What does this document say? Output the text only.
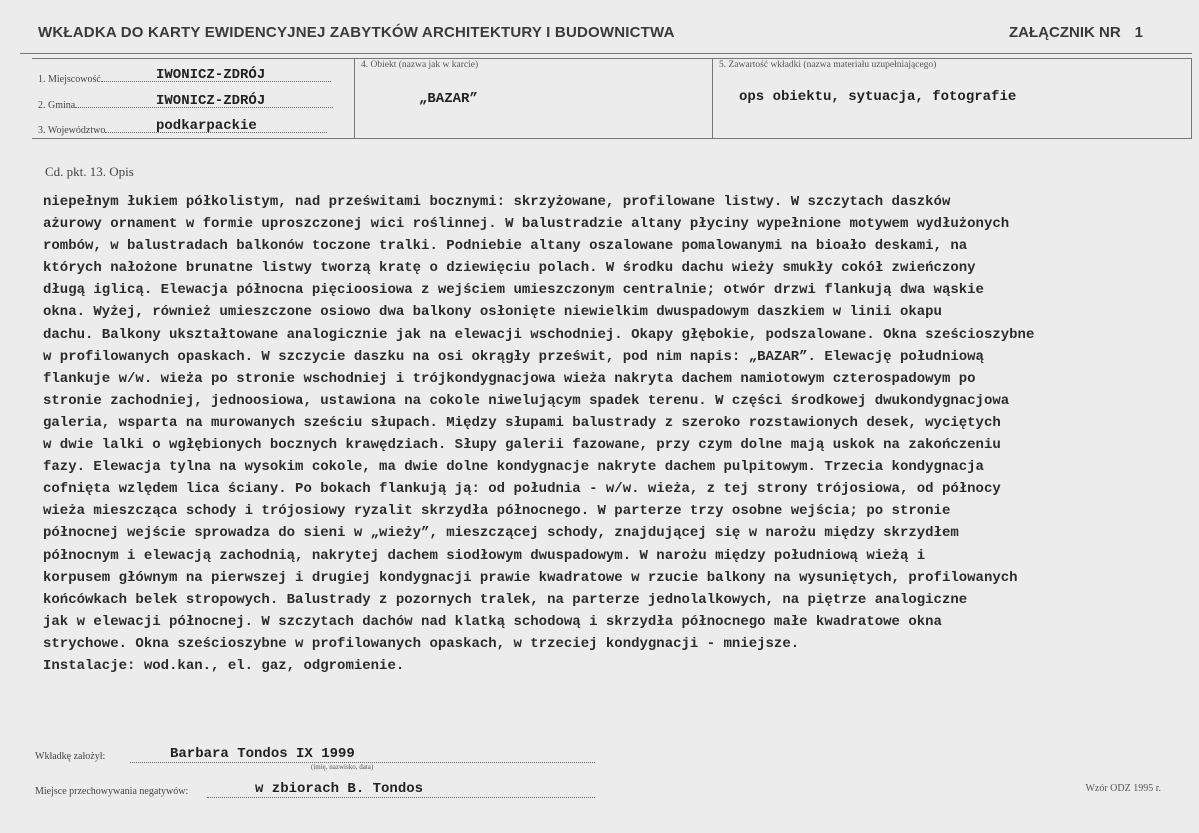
WKŁADKA DO KARTY EWIDENCYJNEJ ZABYTKÓW ARCHITEKTURY I BUDOWNICTWA	ZAŁĄCZNIK NR 1
1. Miejscowość	IWONICZ-ZDRÓJ
2. Gmina	IWONICZ-ZDRÓJ
3. Województwo	podkarpackie
4. Obiekt (nazwa jak w karcie)
„BAZAR”
5. Zawartość wkładki (nazwa materiału uzupełniającego)
ops obiektu, sytuacja, fotografie
Cd. pkt. 13. Opis
niepełnym łukiem półkolistym, nad prześwitami bocznymi: skrzyżowane, profilowane listwy. W szczytach daszków
ażurowy ornament w formie uproszczonej wici roślinnej. W balustradzie altany płyciny wypełnione motywem wydłużonych
rombów, w balustradach balkonów toczone tralki. Podniebie altany oszalowane pomalowanymi na bioało deskami, na
których nałożone brunatne listwy tworzą kratę o dziewięciu polach. W środku dachu wieży smukły cokół zwieńczony
długą iglicą. Elewacja północna pięcioosiowa z wejściem umieszczonym centralnie; otwór drzwi flankują dwa wąskie
okna. Wyżej, również umieszczone osiowo dwa balkony osłonięte niewielkim dwuspadowym daszkiem w linii okapu
dachu. Balkony ukształtowane analogicznie jak na elewacji wschodniej. Okapy głębokie, podszalowane. Okna sześcioszybne
w profilowanych opaskach. W szczycie daszku na osi okrągły prześwit, pod nim napis: „BAZAR”. Elewację południową
flankuje w/w. wieża po stronie wschodniej i trójkondygnacjowa wieża nakryta dachem namiotowym czterospadowym po
stronie zachodniej, jednoosiowa, ustawiona na cokole niwelującym spadek terenu. W części środkowej dwukondygnacjowa
galeria, wsparta na murowanych sześciu słupach. Między słupami balustrady z szeroko rozstawionych desek, wyciętych
w dwie lalki o wgłębionych bocznych krawędziach. Słupy galerii fazowane, przy czym dolne mają uskok na zakończeniu
fazy. Elewacja tylna na wysokim cokole, ma dwie dolne kondygnacje nakryte dachem pulpitowym. Trzecia kondygnacja
cofnięta wzlędem lica ściany. Po bokach flankują ją: od południa - w/w. wieża, z tej strony trójosiowa, od północy
wieża mieszcząca schody i trójosiowy ryzalit skrzydła północnego. W parterze trzy osobne wejścia; po stronie
północnej wejście sprowadza do sieni w „wieży”, mieszczącej schody, znajdującej się w narożu między skrzydłem
północnym i elewacją zachodnią, nakrytej dachem siodłowym dwuspadowym. W narożu między południową wieżą i
korpusem głównym na pierwszej i drugiej kondygnacji prawie kwadratowe w rzucie balkony na wysuniętych, profilowanych
końcówkach belek stropowych. Balustrady z pozornych tralek, na parterze jednolalkowych, na piętrze analogiczne
jak w elewacji północnej. W szczytach dachów nad klatką schodową i skrzydła północnego małe kwadratowe okna
strychowe. Okna sześcioszybne w profilowanych opaskach, w trzeciej kondygnacji - mniejsze.
Instalacje: wod.kan., el. gaz, odgromienie.
Wkładkę założył:	Barbara Tondos IX 1999
(imię, nazwisko, data)
Miejsce przechowywania negatywów:	w zbiorach B. Tondos	Wzór ODZ 1995 r.
